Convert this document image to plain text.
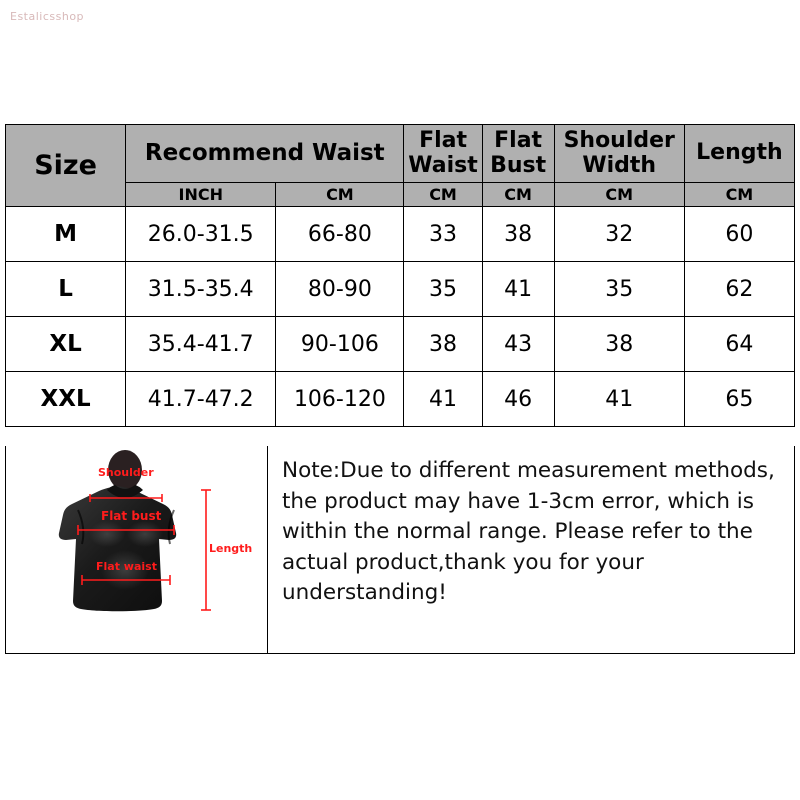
Estalicsshop
Size	Recommend Waist		Flat Waist	Flat Bust	Shoulder Width	Length
	INCH	CM	CM	CM	CM	CM
M	26.0-31.5	66-80	33	38	32	60
L	31.5-35.4	80-90	35	41	35	62
XL	35.4-41.7	90-106	38	43	38	64
XXL	41.7-47.2	106-120	41	46	41	65
Shoulder
Flat bust
Flat waist
Length
Note:Due to different measurement methods, the product may have 1-3cm error, which is within the normal range. Please refer to the actual product,thank you for your understanding!
